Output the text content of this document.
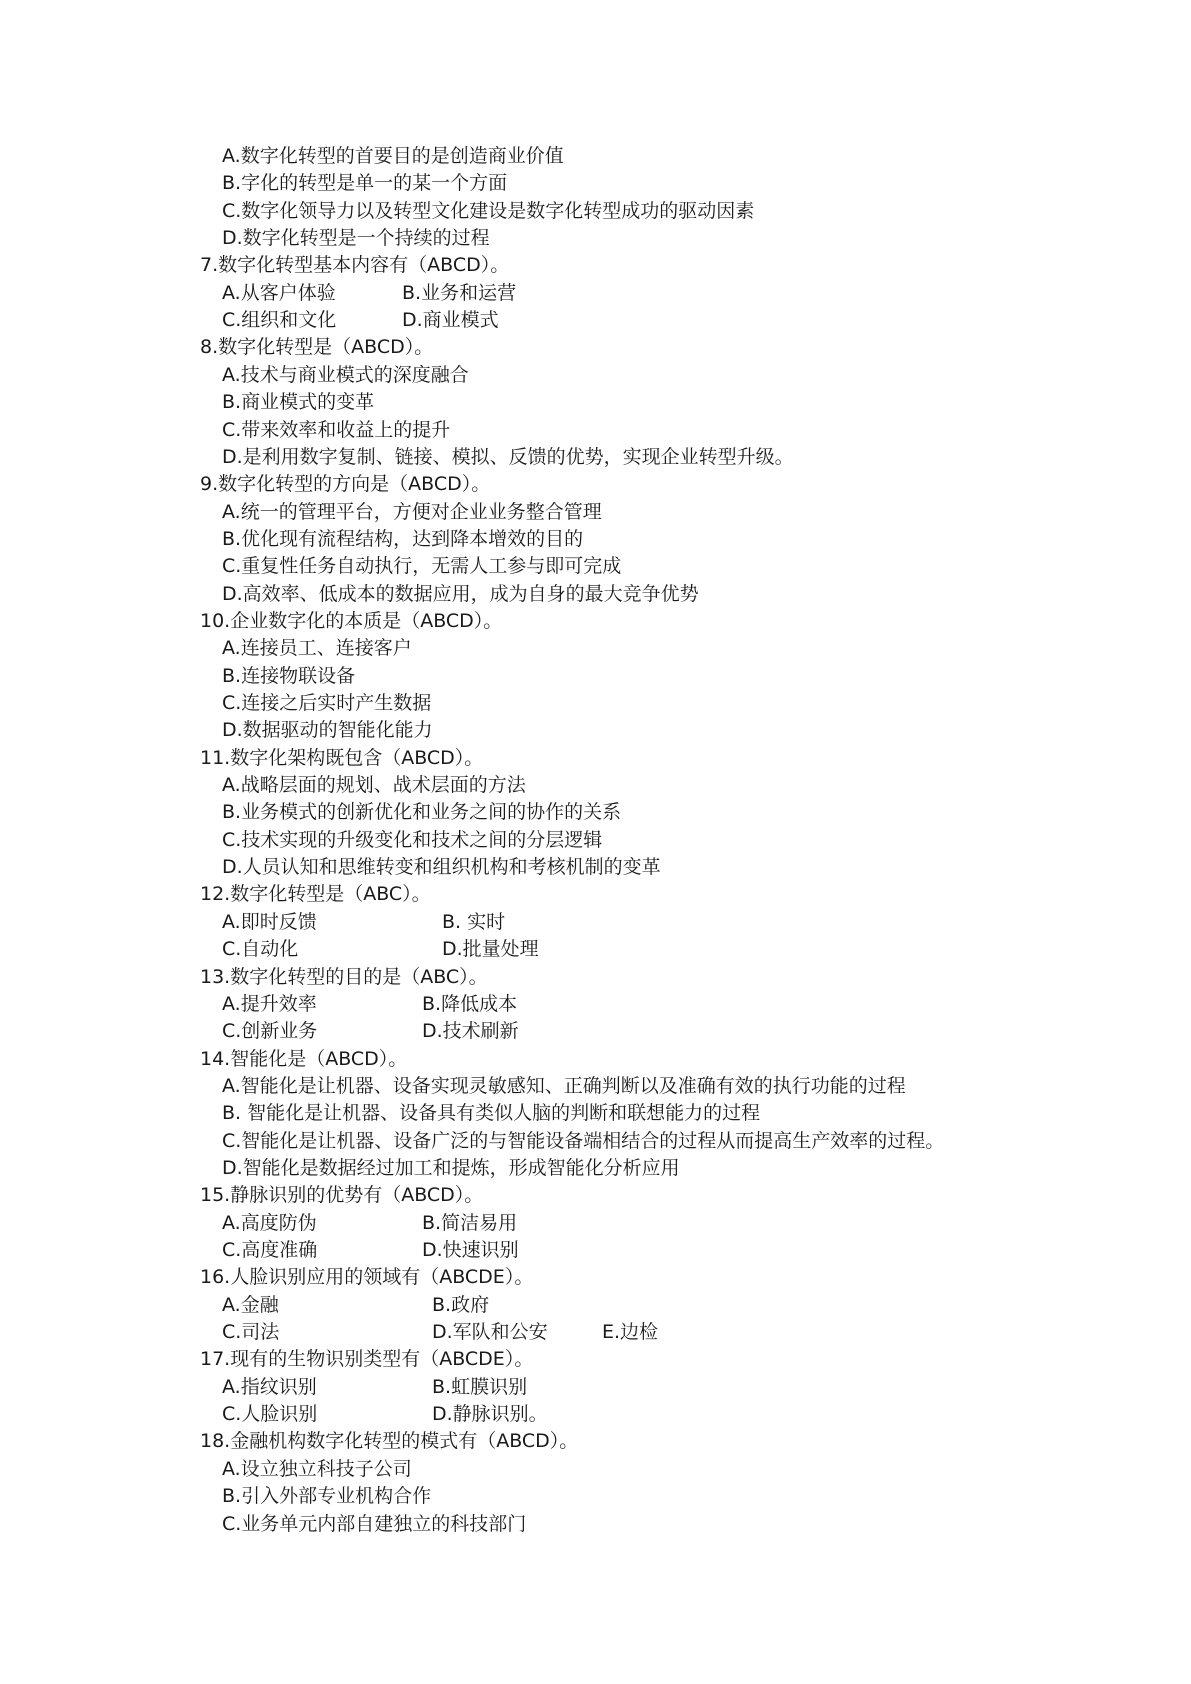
A.数字化转型的首要目的是创造商业价值
B.字化的转型是单一的某一个方面
C.数字化领导力以及转型文化建设是数字化转型成功的驱动因素
D.数字化转型是一个持续的过程
7.数字化转型基本内容有（ABCD）。
A.从客户体验	B.业务和运营
C.组织和文化	D.商业模式
8.数字化转型是（ABCD）。
A.技术与商业模式的深度融合
B.商业模式的变革
C.带来效率和收益上的提升
D.是利用数字复制、链接、模拟、反馈的优势，实现企业转型升级。
9.数字化转型的方向是（ABCD）。
A.统一的管理平台，方便对企业业务整合管理
B.优化现有流程结构，达到降本增效的目的
C.重复性任务自动执行，无需人工参与即可完成
D.高效率、低成本的数据应用，成为自身的最大竞争优势
10.企业数字化的本质是（ABCD）。
A.连接员工、连接客户
B.连接物联设备
C.连接之后实时产生数据
D.数据驱动的智能化能力
11.数字化架构既包含（ABCD）。
A.战略层面的规划、战术层面的方法
B.业务模式的创新优化和业务之间的协作的关系
C.技术实现的升级变化和技术之间的分层逻辑
D.人员认知和思维转变和组织机构和考核机制的变革
12.数字化转型是（ABC）。
A.即时反馈	B. 实时
C.自动化	D.批量处理
13.数字化转型的目的是（ABC）。
A.提升效率	B.降低成本
C.创新业务	D.技术刷新
14.智能化是（ABCD）。
A.智能化是让机器、设备实现灵敏感知、正确判断以及准确有效的执行功能的过程
B. 智能化是让机器、设备具有类似人脑的判断和联想能力的过程
C.智能化是让机器、设备广泛的与智能设备端相结合的过程从而提高生产效率的过程。
D.智能化是数据经过加工和提炼，形成智能化分析应用
15.静脉识别的优势有（ABCD）。
A.高度防伪	B.简洁易用
C.高度准确	D.快速识别
16.人脸识别应用的领域有（ABCDE）。
A.金融	B.政府
C.司法	D.军队和公安	E.边检
17.现有的生物识别类型有（ABCDE）。
A.指纹识别	B.虹膜识别
C.人脸识别	D.静脉识别。
18.金融机构数字化转型的模式有（ABCD）。
A.设立独立科技子公司
B.引入外部专业机构合作
C.业务单元内部自建独立的科技部门
